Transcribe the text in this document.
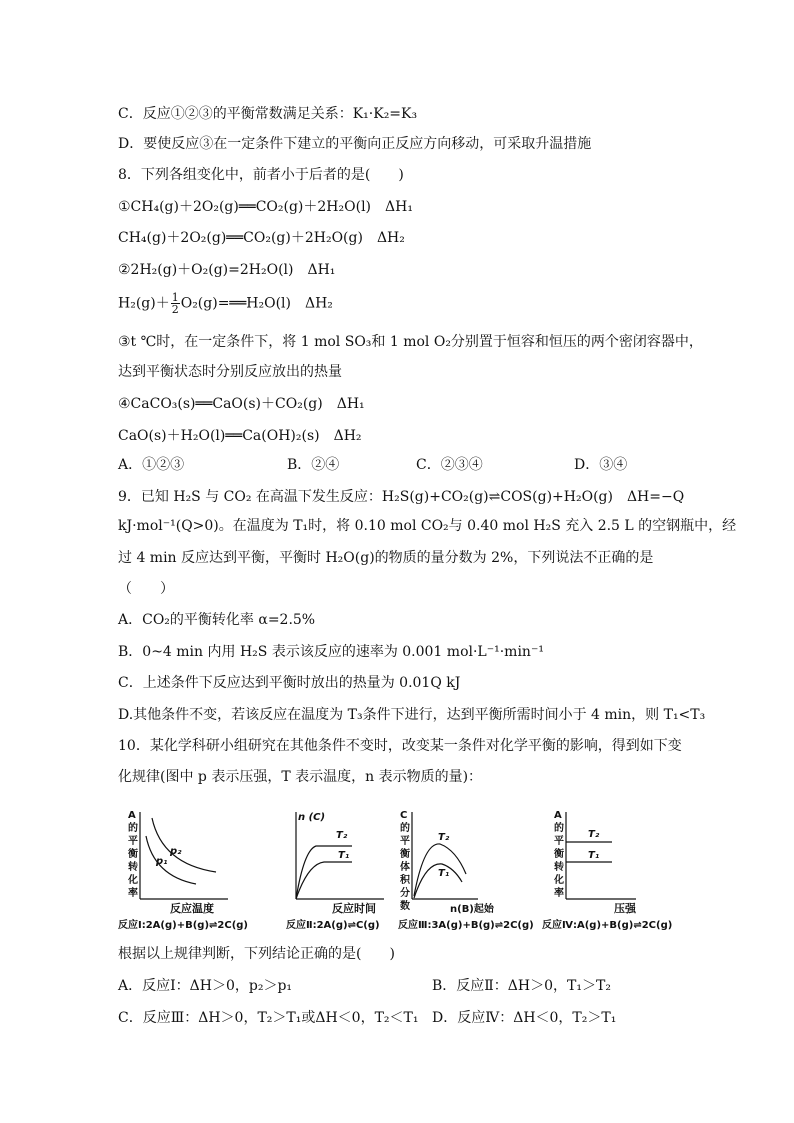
C．反应①②③的平衡常数满足关系：K₁·K₂=K₃
D．要使反应③在一定条件下建立的平衡向正反应方向移动，可采取升温措施
8．下列各组变化中，前者小于后者的是(　　)
①CH₄(g)＋2O₂(g)══CO₂(g)＋2H₂O(l)　ΔH₁
CH₄(g)＋2O₂(g)══CO₂(g)＋2H₂O(g)　ΔH₂
②2H₂(g)＋O₂(g)=2H₂O(l)　ΔH₁
$H_2(g)+ \frac{1}{2}$ O₂(g)=══H₂O(l)　ΔH₂
③t ℃时，在一定条件下，将 1 mol SO₃和 1 mol O₂分别置于恒容和恒压的两个密闭容器中，
达到平衡状态时分别反应放出的热量
④CaCO₃(s)══CaO(s)＋CO₂(g)　ΔH₁
CaO(s)＋H₂O(l)══Ca(OH)₂(s)　ΔH₂
A．①②③	B．②④	C．②③④	D．③④
9．已知 H₂S 与 CO₂ 在高温下发生反应：H₂S(g)+CO₂(g)⇌COS(g)+H₂O(g)　ΔH=−Q
kJ·mol⁻¹(Q>0)。在温度为 T₁时，将 0.10 mol CO₂与 0.40 mol H₂S 充入 2.5 L 的空钢瓶中，经
过 4 min 反应达到平衡，平衡时 H₂O(g)的物质的量分数为 2%，下列说法不正确的是
（　　）
A．CO₂的平衡转化率 α=2.5%
B．0~4 min 内用 H₂S 表示该反应的速率为 0.001 mol·L⁻¹·min⁻¹
C．上述条件下反应达到平衡时放出的热量为 0.01Q kJ
D.其他条件不变，若该反应在温度为 T₃条件下进行，达到平衡所需时间小于 4 min，则 T₁<T₃
10．某化学科研小组研究在其他条件不变时，改变某一条件对化学平衡的影响，得到如下变
化规律(图中 p 表示压强，T 表示温度，n 表示物质的量)：
A
的
平
衡
转
化
率
p₂
p₁
反应温度
反应Ⅰ:2A(g)+B(g)⇌2C(g)
n (C)
T₂
T₁
反应时间
反应Ⅱ:2A(g)⇌C(g)
C
的
平
衡
体
积
分
数
T₂
T₁
n(B)起始
反应Ⅲ:3A(g)+B(g)⇌2C(g)
A
的
平
衡
转
化
率
T₂
T₁
压强
反应Ⅳ:A(g)+B(g)⇌2C(g)
根据以上规律判断，下列结论正确的是(　　)
A．反应Ⅰ：ΔH＞0，p₂＞p₁	B．反应Ⅱ：ΔH＞0，T₁＞T₂
C．反应Ⅲ：ΔH＞0，T₂＞T₁或ΔH＜0，T₂＜T₁ D．反应Ⅳ：ΔH＜0，T₂＞T₁
